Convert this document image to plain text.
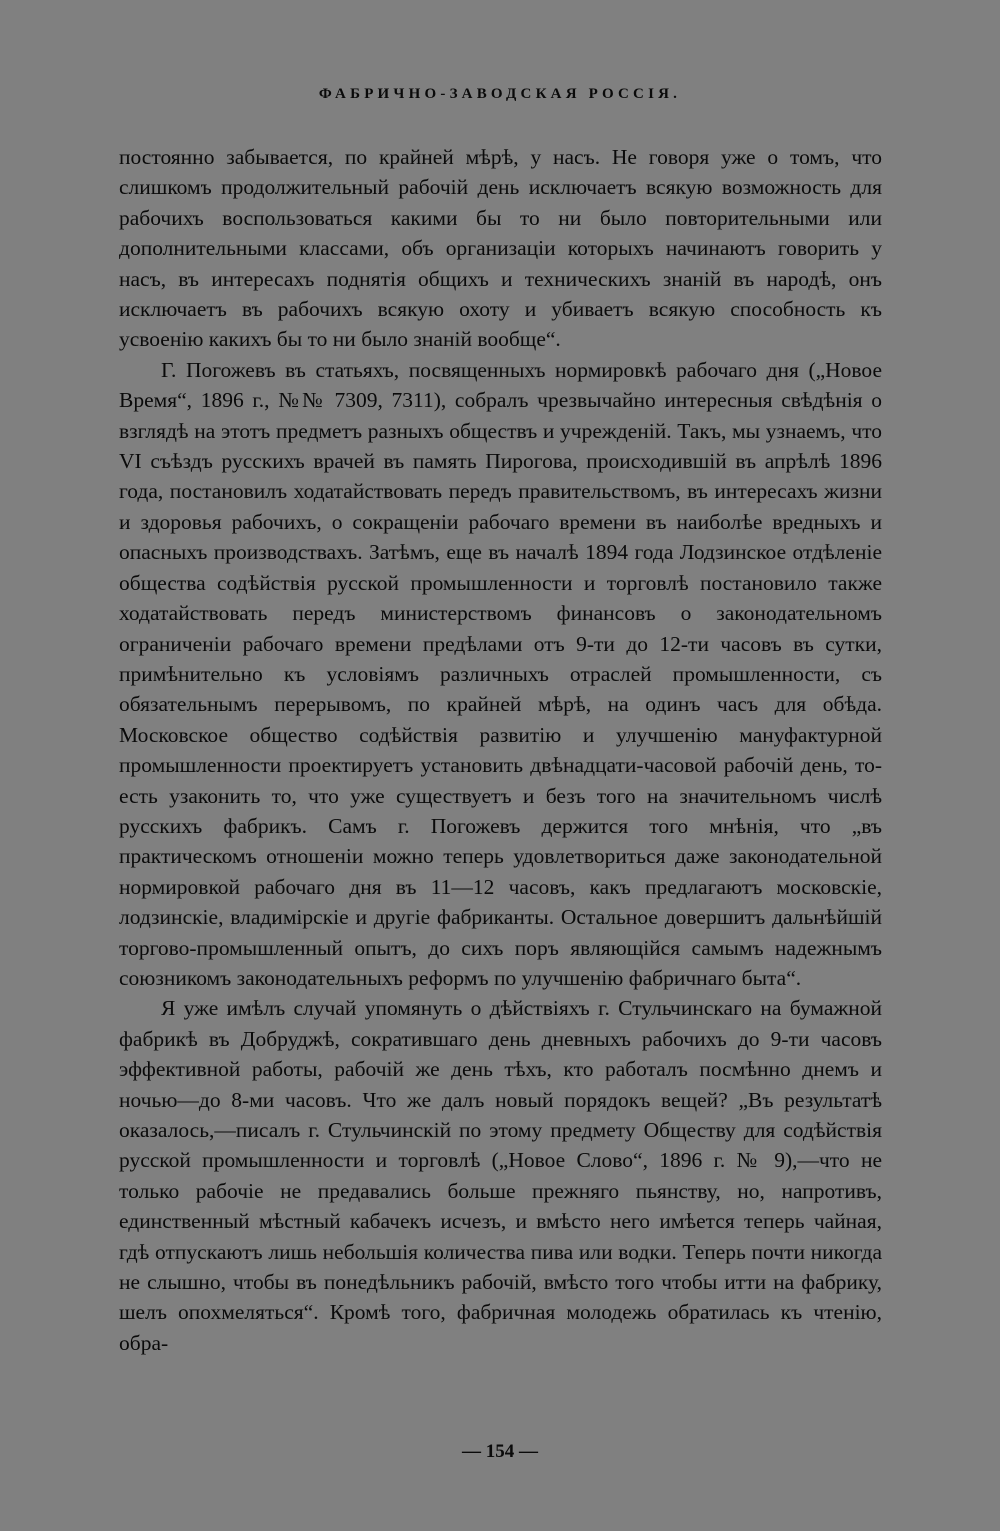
ФАБРИЧНО-ЗАВОДСКАЯ РОССІЯ.

постоянно забывается, по крайней мѣрѣ, у насъ. Не говоря уже о томъ, что слишкомъ продолжительный рабочій день исключаетъ всякую возможность для рабочихъ воспользоваться какими бы то ни было повторительными или дополнительными классами, объ организаціи которыхъ начинаютъ говорить у насъ, въ интересахъ поднятія общихъ и техническихъ знаній въ народѣ, онъ исключаетъ въ рабочихъ всякую охоту и убиваетъ всякую способность къ усвоенію какихъ бы то ни было знаній вообще“.

Г. Погожевъ въ статьяхъ, посвященныхъ нормировкѣ рабочаго дня („Новое Время“, 1896 г., №№ 7309, 7311), собралъ чрезвычайно интересныя свѣдѣнія о взглядѣ на этотъ предметъ разныхъ обществъ и учрежденій. Такъ, мы узнаемъ, что VI съѣздъ русскихъ врачей въ память Пирогова, происходившій въ апрѣлѣ 1896 года, постановилъ ходатайствовать передъ правительствомъ, въ интересахъ жизни и здоровья рабочихъ, о сокращеніи рабочаго времени въ наиболѣе вредныхъ и опасныхъ производствахъ. Затѣмъ, еще въ началѣ 1894 года Лодзинское отдѣленіе общества содѣйствія русской промышленности и торговлѣ постановило также ходатайствовать передъ министерствомъ финансовъ о законодательномъ ограниченіи рабочаго времени предѣлами отъ 9-ти до 12-ти часовъ въ сутки, примѣнительно къ условіямъ различныхъ отраслей промышленности, съ обязательнымъ перерывомъ, по крайней мѣрѣ, на одинъ часъ для обѣда. Московское общество содѣйствія развитію и улучшенію мануфактурной промышленности проектируетъ установить двѣнадцати-часовой рабочій день, то-есть узаконить то, что уже существуетъ и безъ того на значительномъ числѣ русскихъ фабрикъ. Самъ г. Погожевъ держится того мнѣнія, что „въ практическомъ отношеніи можно теперь удовлетвориться даже законодательной нормировкой рабочаго дня въ 11—12 часовъ, какъ предлагаютъ московскіе, лодзинскіе, владимірскіе и другіе фабриканты. Остальное довершитъ дальнѣйшій торгово-промышленный опытъ, до сихъ поръ являющійся самымъ надежнымъ союзникомъ законодательныхъ реформъ по улучшенію фабричнаго быта“.

Я уже имѣлъ случай упомянуть о дѣйствіяхъ г. Стульчинскаго на бумажной фабрикѣ въ Добруджѣ, сократившаго день дневныхъ рабочихъ до 9-ти часовъ эффективной работы, рабочій же день тѣхъ, кто работалъ посмѣнно днемъ и ночью—до 8-ми часовъ. Что же далъ новый порядокъ вещей? „Въ результатѣ оказалось,—писалъ г. Стульчинскій по этому предмету Обществу для содѣйствія русской промышленности и торговлѣ („Новое Слово“, 1896 г. № 9),—что не только рабочіе не предавались больше прежняго пьянству, но, напротивъ, единственный мѣстный кабачекъ исчезъ, и вмѣсто него имѣется теперь чайная, гдѣ отпускаютъ лишь небольшія количества пива или водки. Теперь почти никогда не слышно, чтобы въ понедѣльникъ рабочій, вмѣсто того чтобы итти на фабрику, шелъ опохмеляться“. Кромѣ того, фабричная молодежь обратилась къ чтенію, обра-

— 154 —
